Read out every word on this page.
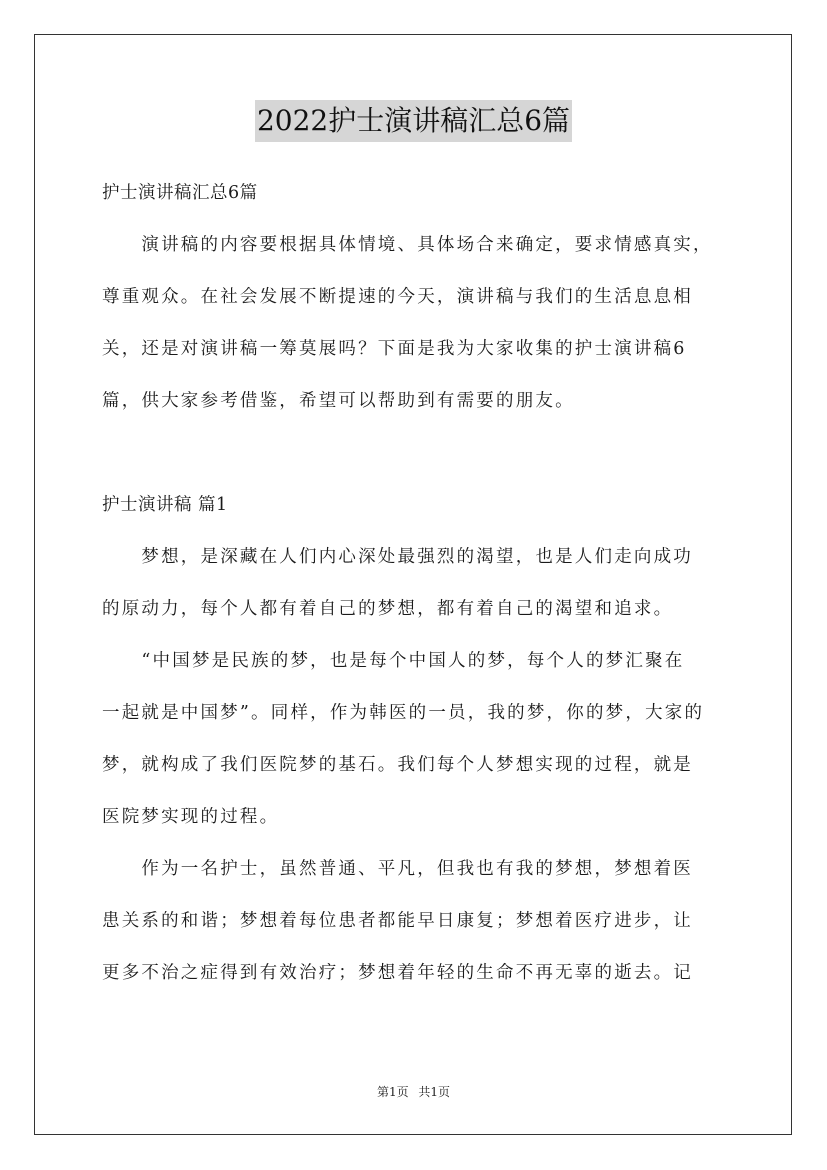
2022护士演讲稿汇总6篇
护士演讲稿汇总6篇
　　演讲稿的内容要根据具体情境、具体场合来确定，要求情感真实，
尊重观众。在社会发展不断提速的今天，演讲稿与我们的生活息息相
关，还是对演讲稿一筹莫展吗？下面是我为大家收集的护士演讲稿6
篇，供大家参考借鉴，希望可以帮助到有需要的朋友。
护士演讲稿 篇1
　　梦想，是深藏在人们内心深处最强烈的渴望，也是人们走向成功
的原动力，每个人都有着自己的梦想，都有着自己的渴望和追求。
　　“中国梦是民族的梦，也是每个中国人的梦，每个人的梦汇聚在
一起就是中国梦”。同样，作为韩医的一员，我的梦，你的梦，大家的
梦，就构成了我们医院梦的基石。我们每个人梦想实现的过程，就是
医院梦实现的过程。
　　作为一名护士，虽然普通、平凡，但我也有我的梦想，梦想着医
患关系的和谐；梦想着每位患者都能早日康复；梦想着医疗进步，让
更多不治之症得到有效治疗；梦想着年轻的生命不再无辜的逝去。记
第1页 共1页
